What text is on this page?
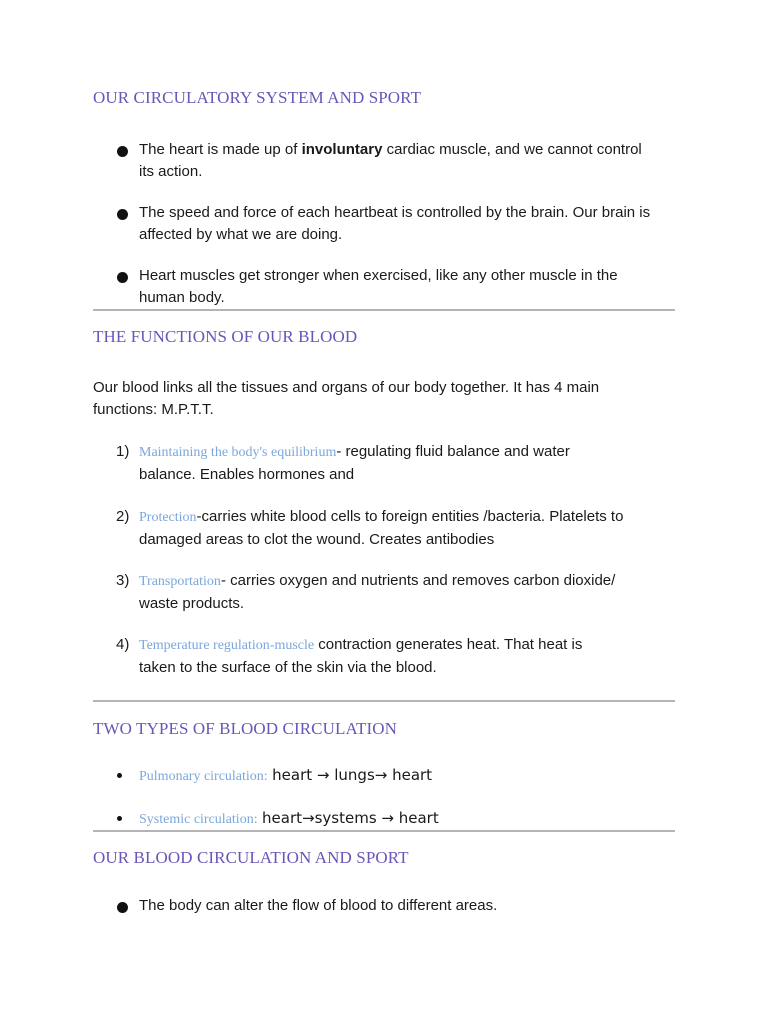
OUR CIRCULATORY SYSTEM AND SPORT
The heart is made up of involuntary cardiac muscle, and we cannot control
its action.
The speed and force of each heartbeat is controlled by the brain. Our brain is
affected by what we are doing.
Heart muscles get stronger when exercised, like any other muscle in the
human body.
THE FUNCTIONS OF OUR BLOOD
Our blood links all the tissues and organs of our body together. It has 4 main
functions: M.P.T.T.
1) Maintaining the body's equilibrium- regulating fluid balance and water
balance. Enables hormones and
2) Protection-carries white blood cells to foreign entities /bacteria. Platelets to
damaged areas to clot the wound. Creates antibodies
3) Transportation- carries oxygen and nutrients and removes carbon dioxide/
waste products.
4) Temperature regulation-muscle contraction generates heat. That heat is
taken to the surface of the skin via the blood.
TWO TYPES OF BLOOD CIRCULATION
Pulmonary circulation: heart → lungs→ heart
Systemic circulation: heart→systems → heart
OUR BLOOD CIRCULATION AND SPORT
The body can alter the flow of blood to different areas.
